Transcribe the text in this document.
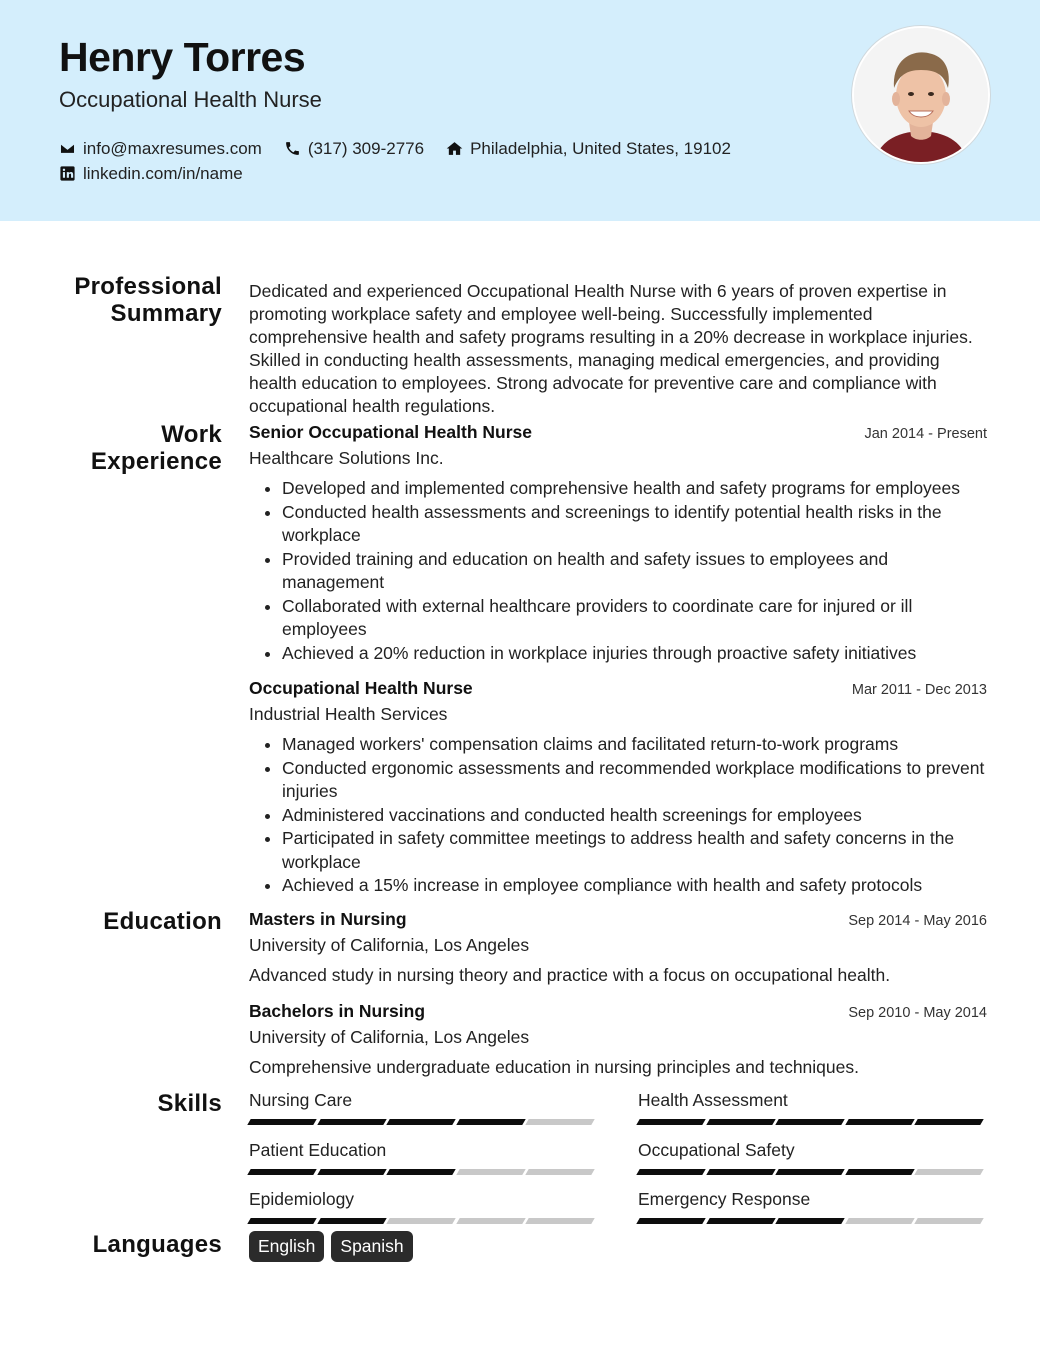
Henry Torres
Occupational Health Nurse
info@maxresumes.com	(317) 309-2776	Philadelphia, United States, 19102
linkedin.com/in/name
Professional Summary
Dedicated and experienced Occupational Health Nurse with 6 years of proven expertise in promoting workplace safety and employee well-being. Successfully implemented comprehensive health and safety programs resulting in a 20% decrease in workplace injuries. Skilled in conducting health assessments, managing medical emergencies, and providing health education to employees. Strong advocate for preventive care and compliance with occupational health regulations.
Work Experience
Senior Occupational Health Nurse	Jan 2014 - Present
Healthcare Solutions Inc.
• Developed and implemented comprehensive health and safety programs for employees
• Conducted health assessments and screenings to identify potential health risks in the workplace
• Provided training and education on health and safety issues to employees and management
• Collaborated with external healthcare providers to coordinate care for injured or ill employees
• Achieved a 20% reduction in workplace injuries through proactive safety initiatives
Occupational Health Nurse	Mar 2011 - Dec 2013
Industrial Health Services
• Managed workers' compensation claims and facilitated return-to-work programs
• Conducted ergonomic assessments and recommended workplace modifications to prevent injuries
• Administered vaccinations and conducted health screenings for employees
• Participated in safety committee meetings to address health and safety concerns in the workplace
• Achieved a 15% increase in employee compliance with health and safety protocols
Education Masters in Nursing	Sep 2014 - May 2016
University of California, Los Angeles
Advanced study in nursing theory and practice with a focus on occupational health.
Bachelors in Nursing	Sep 2010 - May 2014
University of California, Los Angeles
Comprehensive undergraduate education in nursing principles and techniques.
Skills Nursing Care	Health Assessment
Patient Education	Occupational Safety
Epidemiology	Emergency Response
Languages	English	Spanish
